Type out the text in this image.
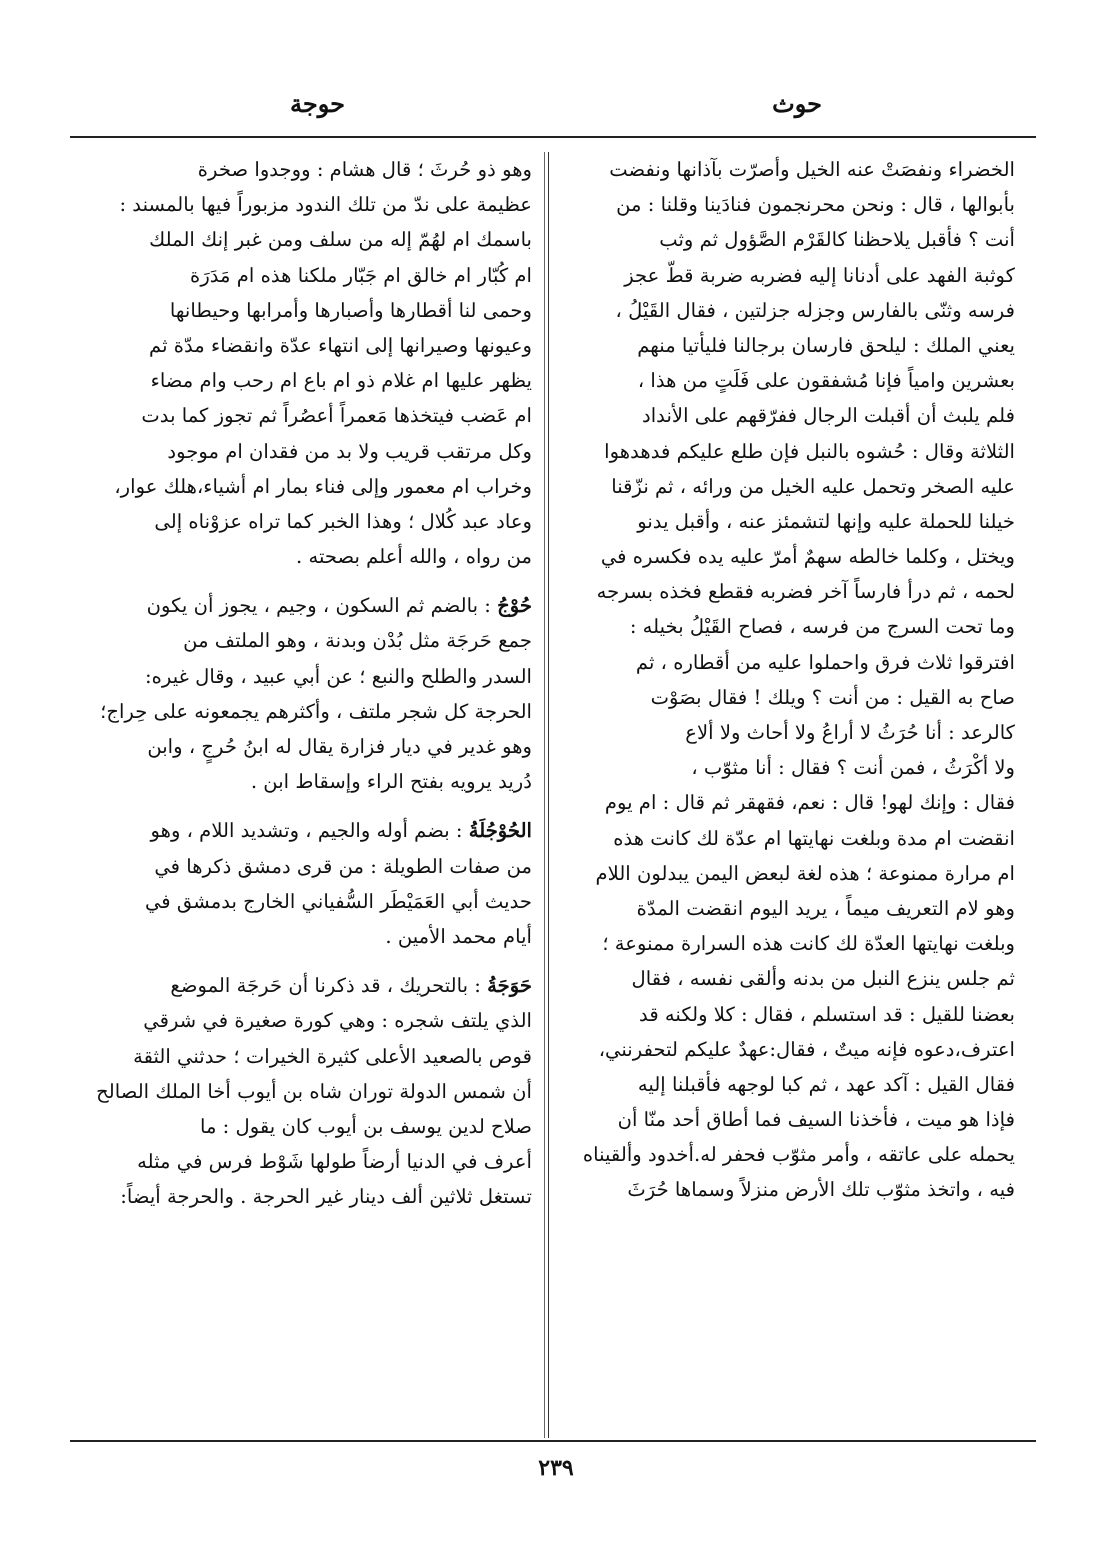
حوث
حوجة
الخضراء ونفصَتْ عنه الخيل وأصرّت بآذانها ونفضت
بأبوالها ، قال : ونحن محرنجمون فنادَينا وقلنا : من
أنت ؟ فأقبل يلاحظنا كالقَرْم الصَّؤول ثم وثب
كوثبة الفهد على أدنانا إليه فضربه ضربة قطّ عجز
فرسه وثنّى بالفارس وجزله جزلتين ، فقال القَيْلُ ،
يعني الملك : ليلحق فارسان برجالنا فليأتيا منهم
بعشرين وامياً فإنا مُشفقون على فَلَتٍ من هذا ،
فلم يلبث أن أقبلت الرجال ففرّقهم على الأنداد
الثلاثة وقال : حُشوه بالنبل فإن طلع عليكم فدهدهوا
عليه الصخر وتحمل عليه الخيل من ورائه ، ثم نزّقنا
خيلنا للحملة عليه وإنها لتشمئز عنه ، وأقبل يدنو
ويختل ، وكلما خالطه سهمٌ أمرّ عليه يده فكسره في
لحمه ، ثم درأ فارساً آخر فضربه فقطع فخذه بسرجه
وما تحت السرج من فرسه ، فصاح القَيْلُ بخيله :
افترقوا ثلاث فرق واحملوا عليه من أقطاره ، ثم
صاح به القيل : من أنت ؟ ويلك ! فقال بصَوْت
كالرعد : أنا حُرَثُ لا أراعُ ولا أحاث ولا ألاع
ولا أكْرَثُ ، فمن أنت ؟ فقال : أنا مثوّب ،
فقال : وإنك لهو! قال : نعم، فقهقر ثم قال : ام يوم
انقضت ام مدة وبلغت نهايتها ام عدّة لك كانت هذه
ام مرارة ممنوعة ؛ هذه لغة لبعض اليمن يبدلون اللام
وهو لام التعريف ميماً ، يريد اليوم انقضت المدّة
وبلغت نهايتها العدّة لك كانت هذه السرارة ممنوعة ؛
ثم جلس ينزع النبل من بدنه وألقى نفسه ، فقال
بعضنا للقيل : قد استسلم ، فقال : كلا ولكنه قد
اعترف،دعوه فإنه ميتٌ ، فقال:عهدٌ عليكم لتحفرنني،
فقال القيل : آكد عهد ، ثم كبا لوجهه فأقبلنا إليه
فإذا هو ميت ، فأخذنا السيف فما أطاق أحد منّا أن
يحمله على عاتقه ، وأمر مثوّب فحفر له.أخدود وألقيناه
فيه ، واتخذ مثوّب تلك الأرض منزلاً وسماها حُرَثَ
وهو ذو حُرثَ ؛ قال هشام : ووجدوا صخرة
عظيمة على ندّ من تلك الندود مزبوراً فيها بالمسند :
باسمك ام لهُمّ إله من سلف ومن غبر إنك الملك
ام كُبّار ام خالق ام جَبّار ملكنا هذه ام مَدَرَة
وحمى لنا أقطارها وأصبارها وأمرابها وحيطانها
وعيونها وصيرانها إلى انتهاء عدّة وانقضاء مدّة ثم
يظهر عليها ام غلام ذو ام باع ام رحب وام مضاء
ام عَضب فيتخذها مَعمراً أعصُراً ثم تجوز كما بدت
وكل مرتقب قريب ولا بد من فقدان ام موجود
وخراب ام معمور وإلى فناء بمار ام أشياء،هلك عوار،
وعاد عبد كُلال ؛ وهذا الخبر كما تراه عزوْناه إلى
من رواه ، والله أعلم بصحته .
حُوْجُ : بالضم ثم السكون ، وجيم ، يجوز أن يكون
جمع حَرجَة مثل بُدْن وبدنة ، وهو الملتف من
السدر والطلح والنبع ؛ عن أبي عبيد ، وقال غيره:
الحرجة كل شجر ملتف ، وأكثرهم يجمعونه على حِراج؛
وهو غدير في ديار فزارة يقال له ابنُ حُرجٍ ، وابن
دُريد يرويه بفتح الراء وإسقاط ابن .
الحُوْجُلَةُ : بضم أوله والجيم ، وتشديد اللام ، وهو
من صفات الطويلة : من قرى دمشق ذكرها في
حديث أبي العَمَيْطَر السُّفياني الخارج بدمشق في
أيام محمد الأمين .
حَوَجَةُ : بالتحريك ، قد ذكرنا أن حَرجَة الموضع
الذي يلتف شجره : وهي كورة صغيرة في شرقي
قوص بالصعيد الأعلى كثيرة الخيرات ؛ حدثني الثقة
أن شمس الدولة توران شاه بن أيوب أخا الملك الصالح
صلاح لدين يوسف بن أيوب كان يقول : ما
أعرف في الدنيا أرضاً طولها شَوْط فرس في مثله
تستغل ثلاثين ألف دينار غير الحرجة . والحرجة أيضاً:
٢٣٩
